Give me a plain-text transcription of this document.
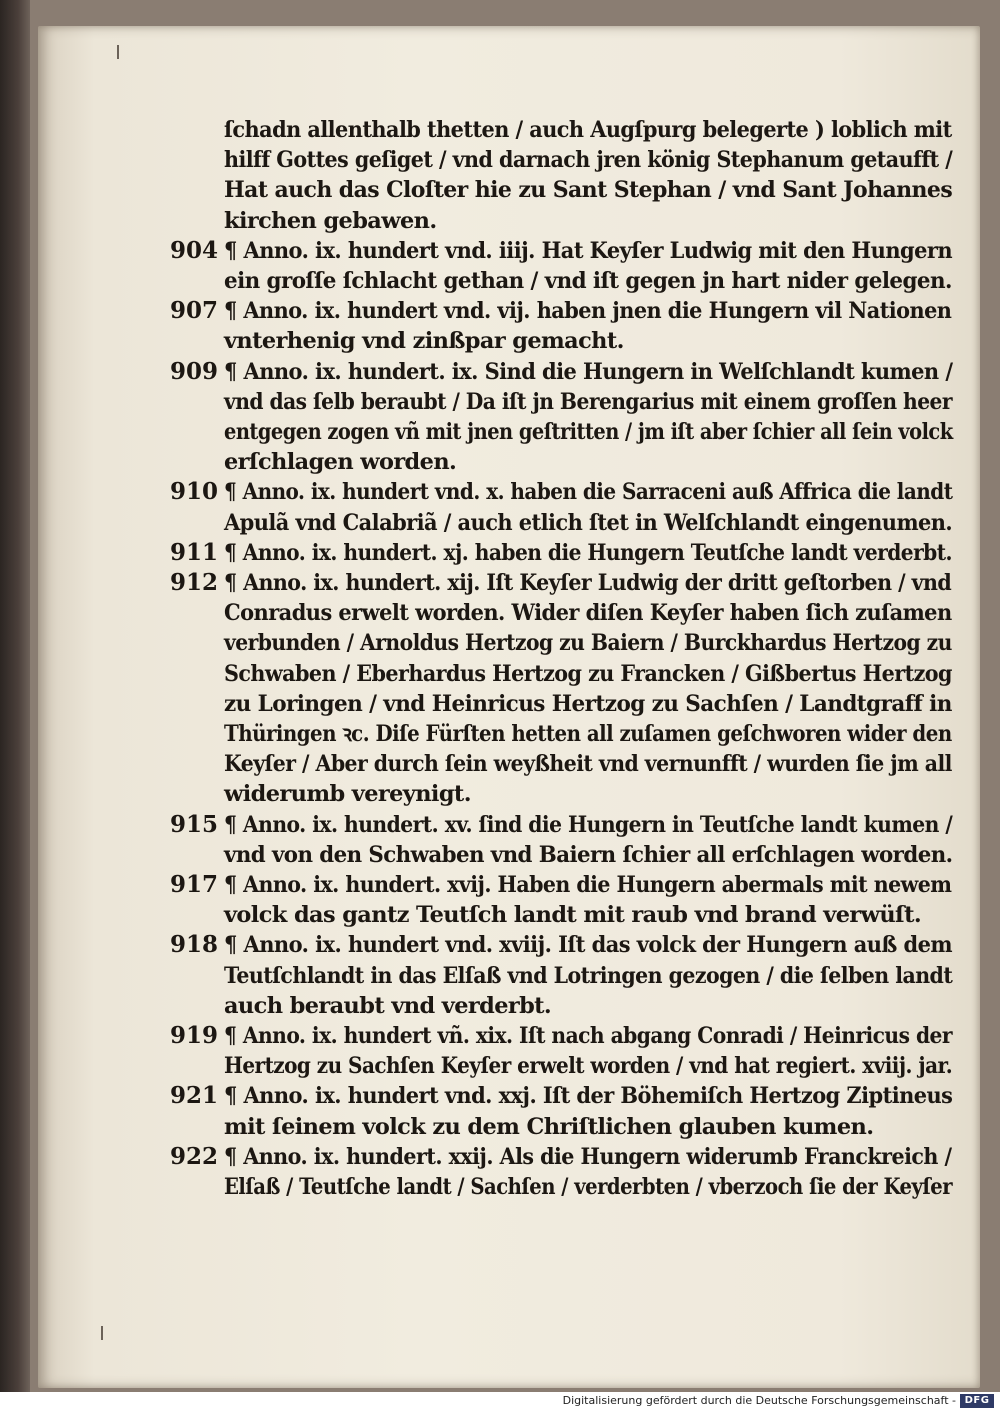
ſchadn allenthalb thetten / auch Augſpurg belegerte ) loblich mit
hilff Gottes geſiget / vnd darnach jren könig Stephanum getaufft /
Hat auch das Cloſter hie zu Sant Stephan / vnd Sant Johannes
kirchen gebawen.
904 ¶ Anno. ix. hundert vnd. iiij. Hat Keyſer Ludwig mit den Hungern
ein groſſe ſchlacht gethan / vnd iſt gegen jn hart nider gelegen.
907 ¶ Anno. ix. hundert vnd. vij. haben jnen die Hungern vil Nationen
vnterhenig vnd zinßpar gemacht.
909 ¶ Anno. ix. hundert. ix. Sind die Hungern in Welſchlandt kumen /
vnd das ſelb beraubt / Da iſt jn Berengarius mit einem groſſen heer
entgegen zogen vñ mit jnen geſtritten / jm iſt aber ſchier all ſein volck
erſchlagen worden.
910 ¶ Anno. ix. hundert vnd. x. haben die Sarraceni auß Affrica die landt
Apulã vnd Calabriã / auch etlich ſtet in Welſchlandt eingenumen.
911 ¶ Anno. ix. hundert. xj. haben die Hungern Teutſche landt verderbt.
912 ¶ Anno. ix. hundert. xij. Iſt Keyſer Ludwig der dritt geſtorben / vnd
Conradus erwelt worden. Wider diſen Keyſer haben ſich zuſamen
verbunden / Arnoldus Hertzog zu Baiern / Burckhardus Hertzog zu
Schwaben / Eberhardus Hertzog zu Francken / Gißbertus Hertzog
zu Loringen / vnd Heinricus Hertzog zu Sachſen / Landtgraff in
Thüringen ꝛc. Diſe Fürſten hetten all zuſamen geſchworen wider den
Keyſer / Aber durch ſein weyßheit vnd vernunfft / wurden ſie jm all
widerumb vereynigt.
915 ¶ Anno. ix. hundert. xv. ſind die Hungern in Teutſche landt kumen /
vnd von den Schwaben vnd Baiern ſchier all erſchlagen worden.
917 ¶ Anno. ix. hundert. xvij. Haben die Hungern abermals mit newem
volck das gantz Teutſch landt mit raub vnd brand verwüſt.
918 ¶ Anno. ix. hundert vnd. xviij. Iſt das volck der Hungern auß dem
Teutſchlandt in das Elſaß vnd Lotringen gezogen / die ſelben landt
auch beraubt vnd verderbt.
919 ¶ Anno. ix. hundert vñ. xix. Iſt nach abgang Conradi / Heinricus der
Hertzog zu Sachſen Keyſer erwelt worden / vnd hat regiert. xviij. jar.
921 ¶ Anno. ix. hundert vnd. xxj. Iſt der Böhemiſch Hertzog Ziptineus
mit ſeinem volck zu dem Chriſtlichen glauben kumen.
922 ¶ Anno. ix. hundert. xxij. Als die Hungern widerumb Franckreich /
Elſaß / Teutſche landt / Sachſen / verderbten / vberzoch ſie der Keyſer
Digitalisierung gefördert durch die Deutsche Forschungsgemeinschaft - DFG
